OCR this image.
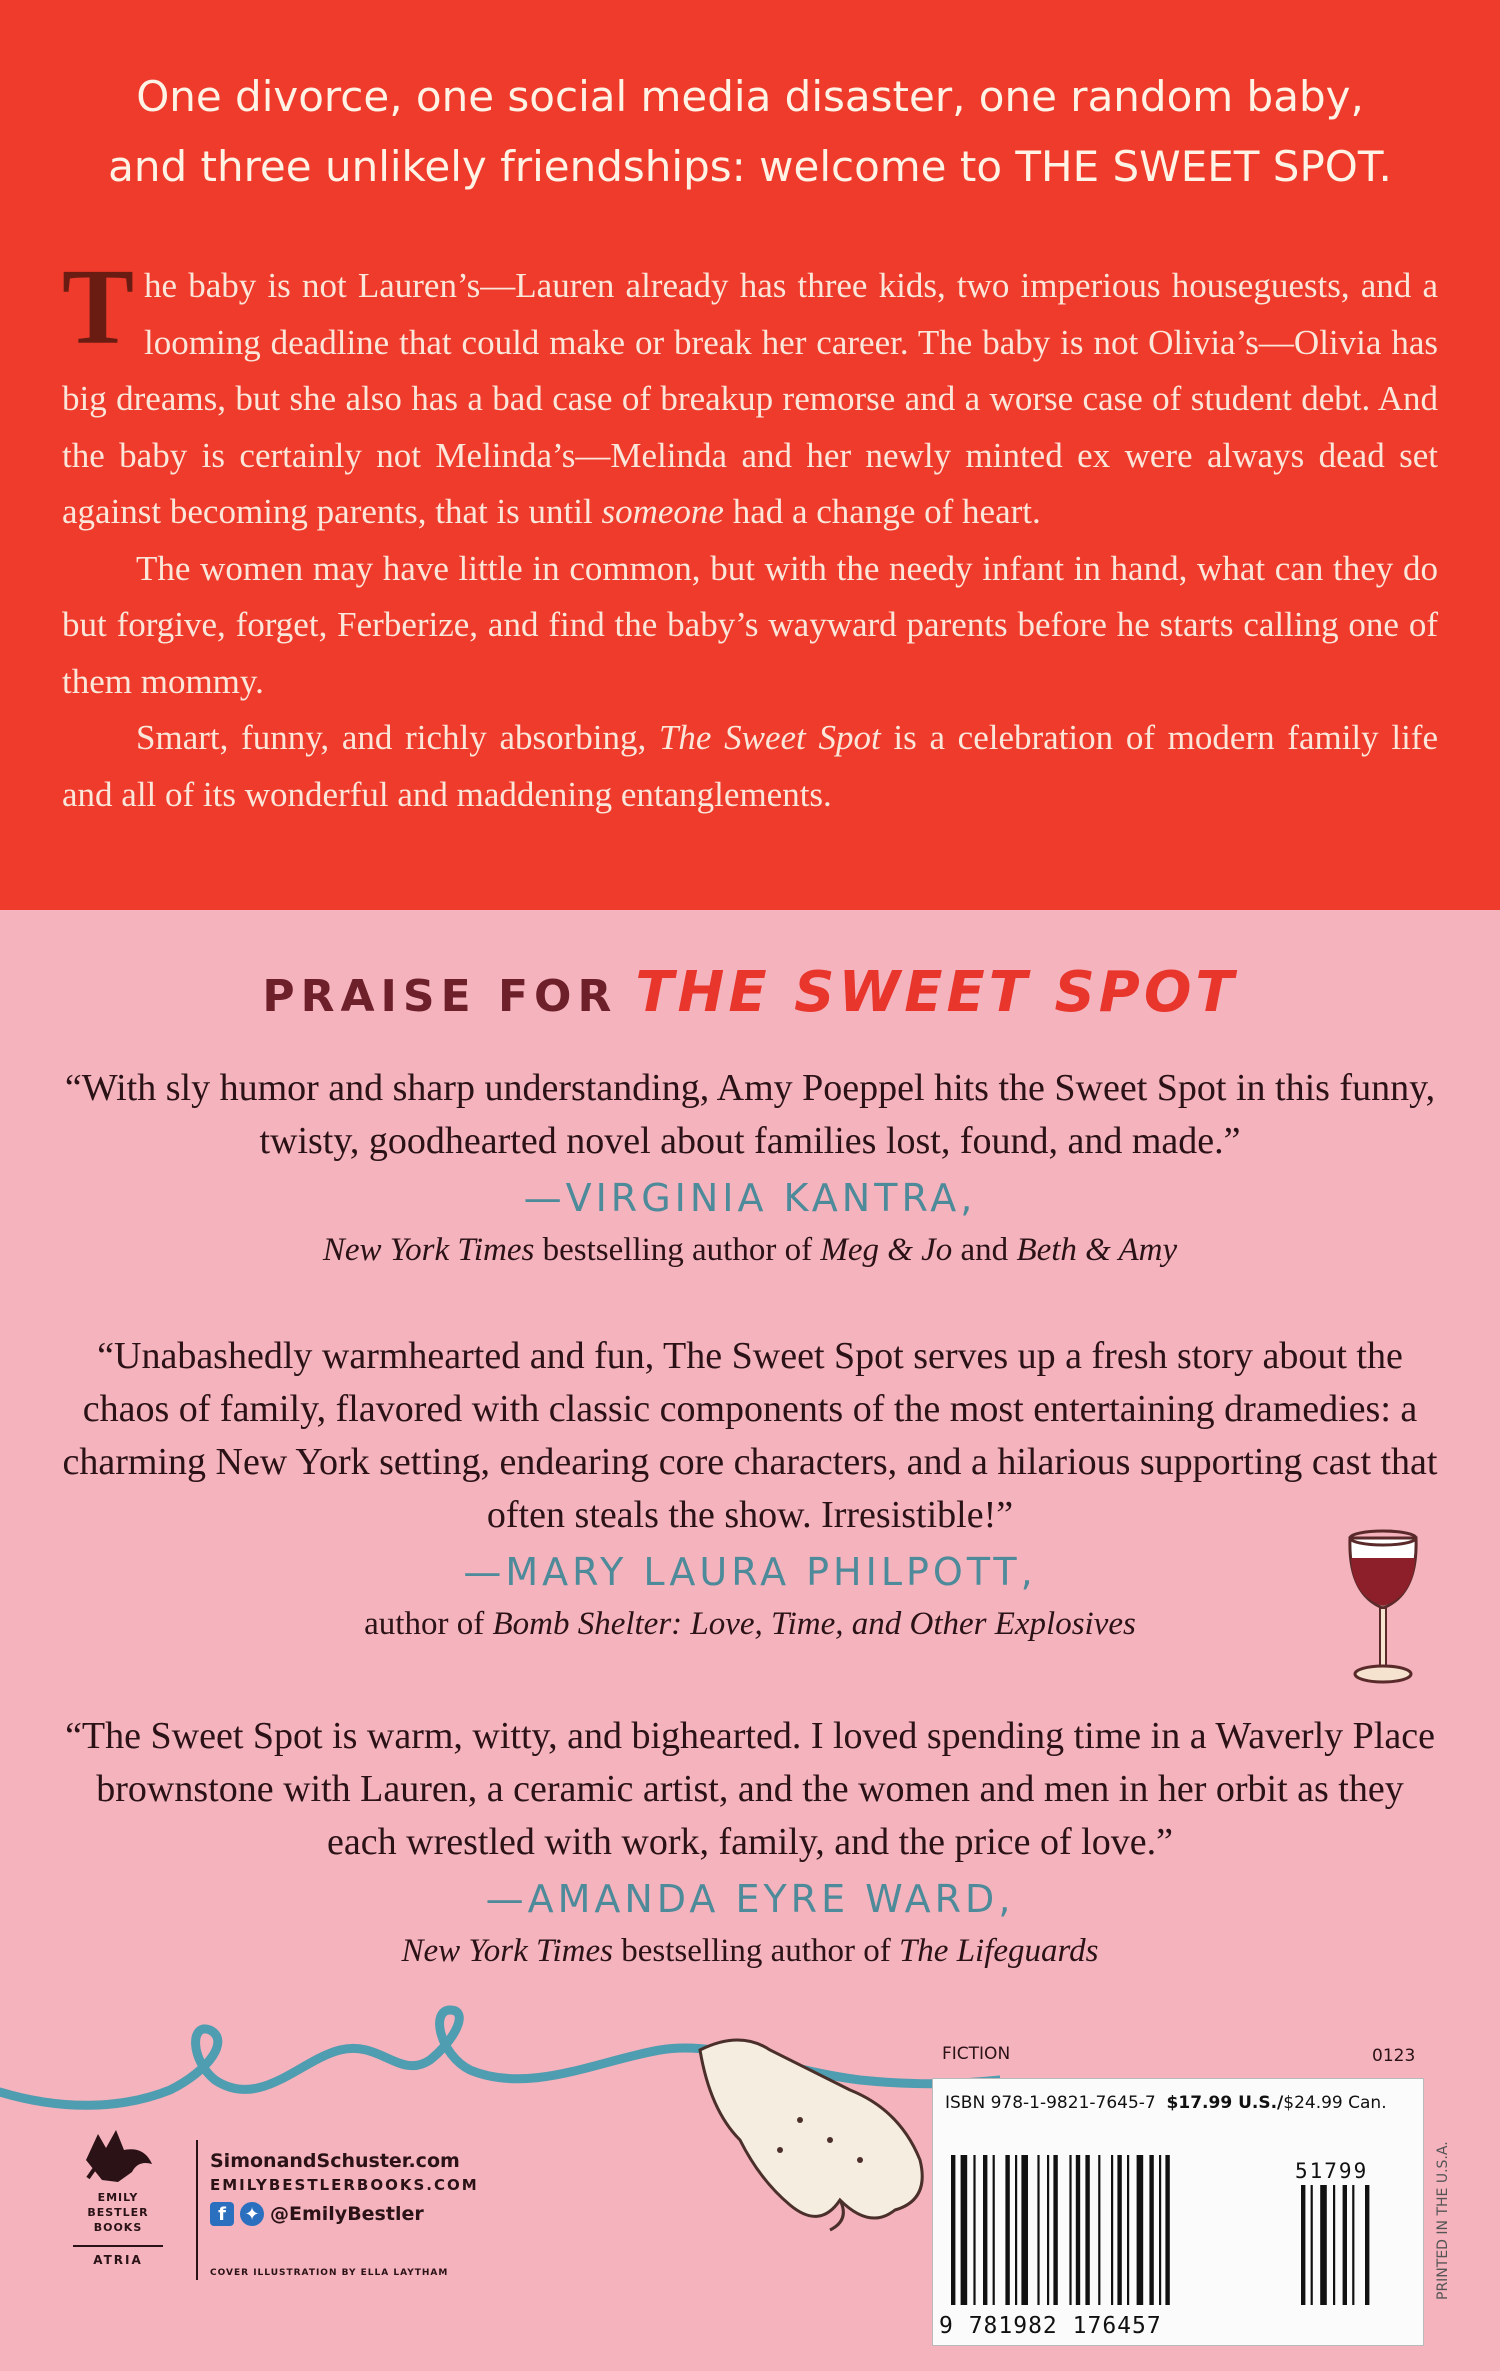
One divorce, one social media disaster, one random baby,
and three unlikely friendships: welcome to THE SWEET SPOT.

The baby is not Lauren’s—Lauren already has three kids, two imperious houseguests, and a looming deadline that could make or break her career. The baby is not Olivia’s—Olivia has big dreams, but she also has a bad case of breakup remorse and a worse case of student debt. And the baby is certainly not Melinda’s—Melinda and her newly minted ex were always dead set against becoming parents, that is until someone had a change of heart.

The women may have little in common, but with the needy infant in hand, what can they do but forgive, forget, Ferberize, and find the baby’s wayward parents before he starts calling one of them mommy.

Smart, funny, and richly absorbing, The Sweet Spot is a celebration of modern family life and all of its wonderful and maddening entanglements.

PRAISE FOR THE SWEET SPOT
“With sly humor and sharp understanding, Amy Poeppel hits the Sweet Spot in this funny, twisty, goodhearted novel about families lost, found, and made.”
—VIRGINIA KANTRA,
New York Times bestselling author of Meg & Jo and Beth & Amy
“Unabashedly warmhearted and fun, The Sweet Spot serves up a fresh story about the chaos of family, flavored with classic components of the most entertaining dramedies: a charming New York setting, endearing core characters, and a hilarious supporting cast that often steals the show. Irresistible!”
—MARY LAURA PHILPOTT,
author of Bomb Shelter: Love, Time, and Other Explosives
“The Sweet Spot is warm, witty, and bighearted. I loved spending time in a Waverly Place brownstone with Lauren, a ceramic artist, and the women and men in her orbit as they each wrestled with work, family, and the price of love.”
—AMANDA EYRE WARD,
New York Times bestselling author of The Lifeguards
EMILY
BESTLER
BOOKS
ATRIA
SimonandSchuster.com
EMILYBESTLERBOOKS.COM
f	✦ @EmilyBestler
COVER ILLUSTRATION BY ELLA LAYTHAM
FICTION	0123
ISBN 978-1-9821-7645-7 $17.99 U.S./$24.99 Can.
51799
9 781982 176457
PRINTED IN THE U.S.A.
